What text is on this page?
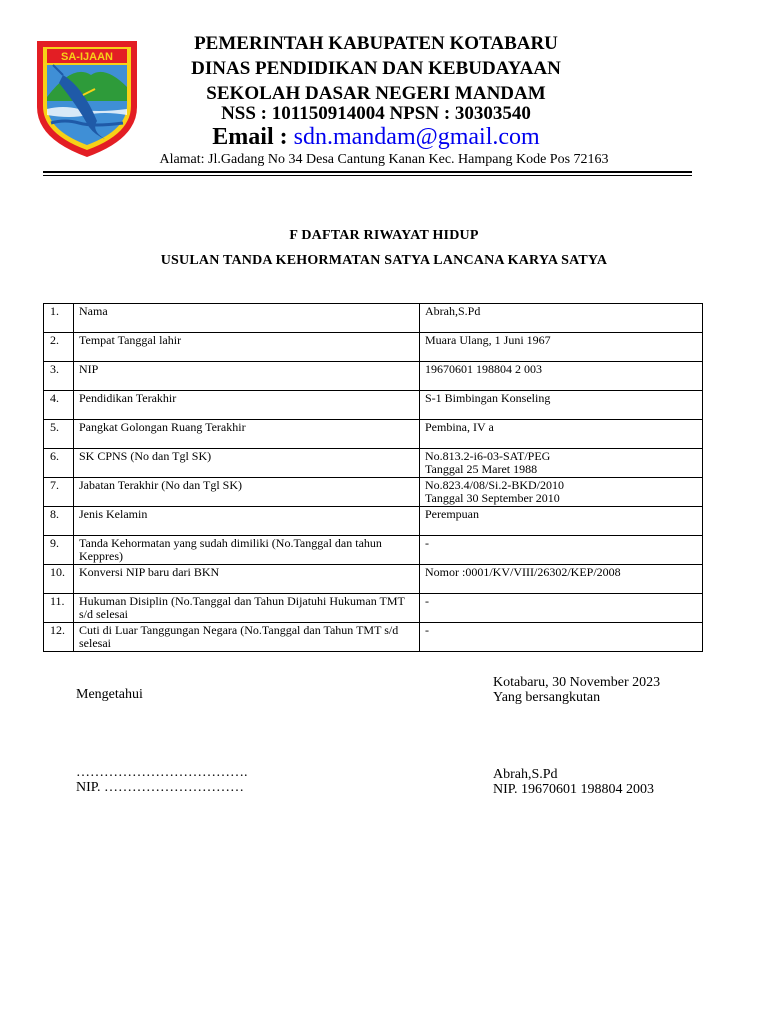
SA-IJAAN
PEMERINTAH KABUPATEN KOTABARU
DINAS PENDIDIKAN DAN KEBUDAYAAN
SEKOLAH DASAR NEGERI MANDAM
NSS : 101150914004 NPSN : 30303540
Email : sdn.mandam@gmail.com
Alamat: Jl.Gadang No 34 Desa Cantung Kanan Kec. Hampang Kode Pos 72163
F DAFTAR RIWAYAT HIDUP
USULAN TANDA KEHORMATAN SATYA LANCANA KARYA SATYA
1.	Nama	Abrah,S.Pd
2.	Tempat Tanggal lahir	Muara Ulang, 1 Juni 1967
3.	NIP	19670601 198804 2 003
4.	Pendidikan Terakhir	S-1 Bimbingan Konseling
5.	Pangkat Golongan Ruang Terakhir	Pembina, IV a
6.	SK CPNS (No dan Tgl SK)	No.813.2-i6-03-SAT/PEG
Tanggal 25 Maret 1988

7.	Jabatan Terakhir (No dan Tgl SK)	No.823.4/08/Si.2-BKD/2010
Tanggal 30 September 2010

8.	Jenis Kelamin	Perempuan
9.	Tanda Kehormatan yang sudah dimiliki (No.Tanggal dan tahun Keppres)	-
10.	Konversi NIP baru dari BKN	Nomor :0001/KV/VIII/26302/KEP/2008
11.	Hukuman Disiplin (No.Tanggal dan Tahun Dijatuhi Hukuman TMT s/d selesai	-
12.	Cuti di Luar Tanggungan Negara (No.Tanggal dan Tahun TMT s/d selesai	-
Kotabaru, 30 November 2023
Yang bersangkutan
Mengetahui
……………………………….
NIP. …………………………
Abrah,S.Pd
NIP. 19670601 198804 2003
